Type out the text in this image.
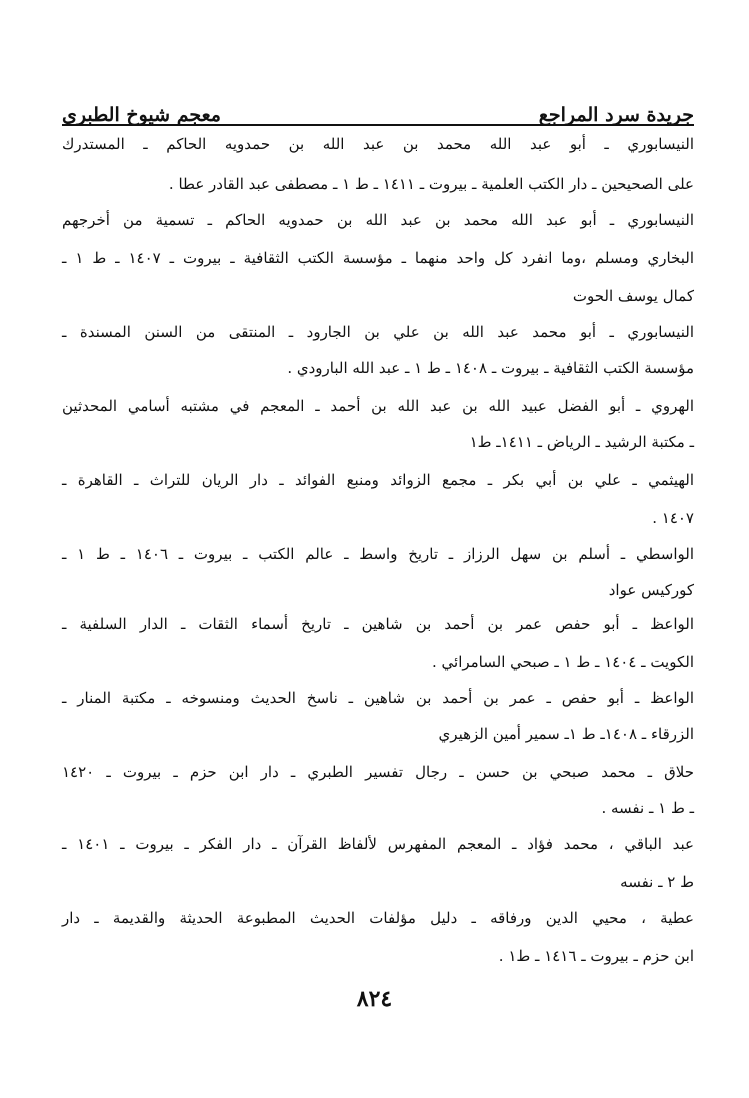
جريدة سرد المراجع
معجم شيوخ الطبري
النيسابوري ـ أبو عبد الله محمد بن عبد الله بن حمدويه الحاكم ـ المستدرك
على الصحيحين ـ دار الكتب العلمية ـ بيروت ـ ١٤١١ ـ ط ١ ـ مصطفى عبد القادر عطا .
النيسابوري ـ أبو عبد الله محمد بن عبد الله بن حمدويه الحاكم ـ تسمية من أخرجهم
البخاري ومسلم ،وما انفرد كل واحد منهما ـ مؤسسة الكتب الثقافية ـ بيروت ـ ١٤٠٧ ـ ط ١ ـ
كمال يوسف الحوت
النيسابوري ـ أبو محمد عبد الله بن علي بن الجارود ـ المنتقى من السنن المسندة ـ
مؤسسة الكتب الثقافية ـ بيروت ـ ١٤٠٨ ـ ط ١ ـ عبد الله البارودي .
الهروي ـ أبو الفضل عبيد الله بن عبد الله بن أحمد ـ المعجم في مشتبه أسامي المحدثين
ـ مكتبة الرشيد ـ الرياض ـ ١٤١١ـ ط١
الهيثمي ـ علي بن أبي بكر ـ مجمع الزوائد ومنبع الفوائد ـ دار الريان للتراث ـ القاهرة ـ
١٤٠٧ .
الواسطي ـ أسلم بن سهل الرزاز ـ تاريخ واسط ـ عالم الكتب ـ بيروت ـ ١٤٠٦ ـ ط ١ ـ
كوركيس عواد
الواعظ ـ أبو حفص عمر بن أحمد بن شاهين ـ تاريخ أسماء الثقات ـ الدار السلفية ـ
الكويت ـ ١٤٠٤ ـ ط ١ ـ صبحي السامرائي .
الواعظ ـ أبو حفص ـ عمر بن أحمد بن شاهين ـ ناسخ الحديث ومنسوخه ـ مكتبة المنار ـ
الزرقاء ـ ١٤٠٨ـ ط ١ـ سمير أمين الزهيري
حلاق ـ محمد صبحي بن حسن ـ رجال تفسير الطبري ـ دار ابن حزم ـ بيروت ـ ١٤٢٠
ـ ط ١ ـ نفسه .
عبد الباقي ، محمد فؤاد ـ المعجم المفهرس لألفاظ القرآن ـ دار الفكر ـ بيروت ـ ١٤٠١ ـ
ط ٢ ـ نفسه
عطية ، محيي الدين ورفاقه ـ دليل مؤلفات الحديث المطبوعة الحديثة والقديمة ـ دار
ابن حزم ـ بيروت ـ ١٤١٦ ـ ط١ .
٨٢٤
